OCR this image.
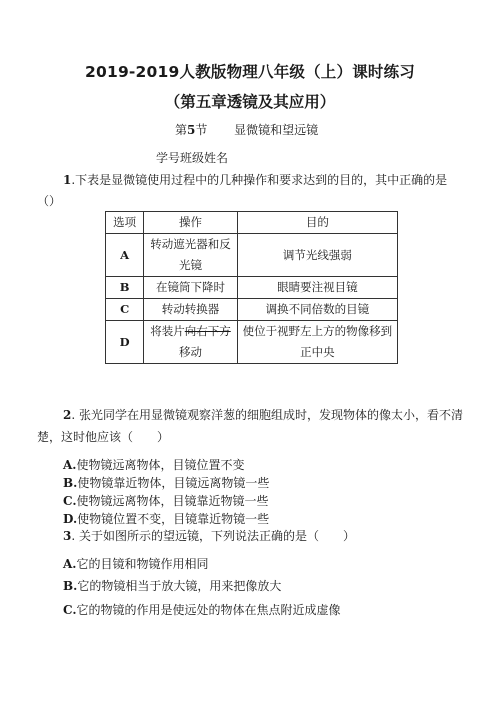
2019-2019人教版物理八年级（上）课时练习
（第五章透镜及其应用）
第5节 显微镜和望远镜
学号班级姓名
1.下表是显微镜使用过程中的几种操作和要求达到的目的，其中正确的是
（）
选项	操作	目的
A	转动遮光器和反光镜	调节光线强弱
B	在镜筒下降时	眼睛要注视目镜
C	转动转换器	调换不同倍数的目镜
D	将装片向右下方移动	使位于视野左上方的物像移到正中央
2. 张光同学在用显微镜观察洋葱的细胞组成时，发现物体的像太小，看不清
楚，这时他应该（　　）
A.使物镜远离物体，目镜位置不变
B.使物镜靠近物体，目镜远离物镜一些
C.使物镜远离物体，目镜靠近物镜一些
D.使物镜位置不变，目镜靠近物镜一些
3. 关于如图所示的望远镜，下列说法正确的是（　　）
A.它的目镜和物镜作用相同
B.它的物镜相当于放大镜，用来把像放大
C.它的物镜的作用是使远处的物体在焦点附近成虚像
